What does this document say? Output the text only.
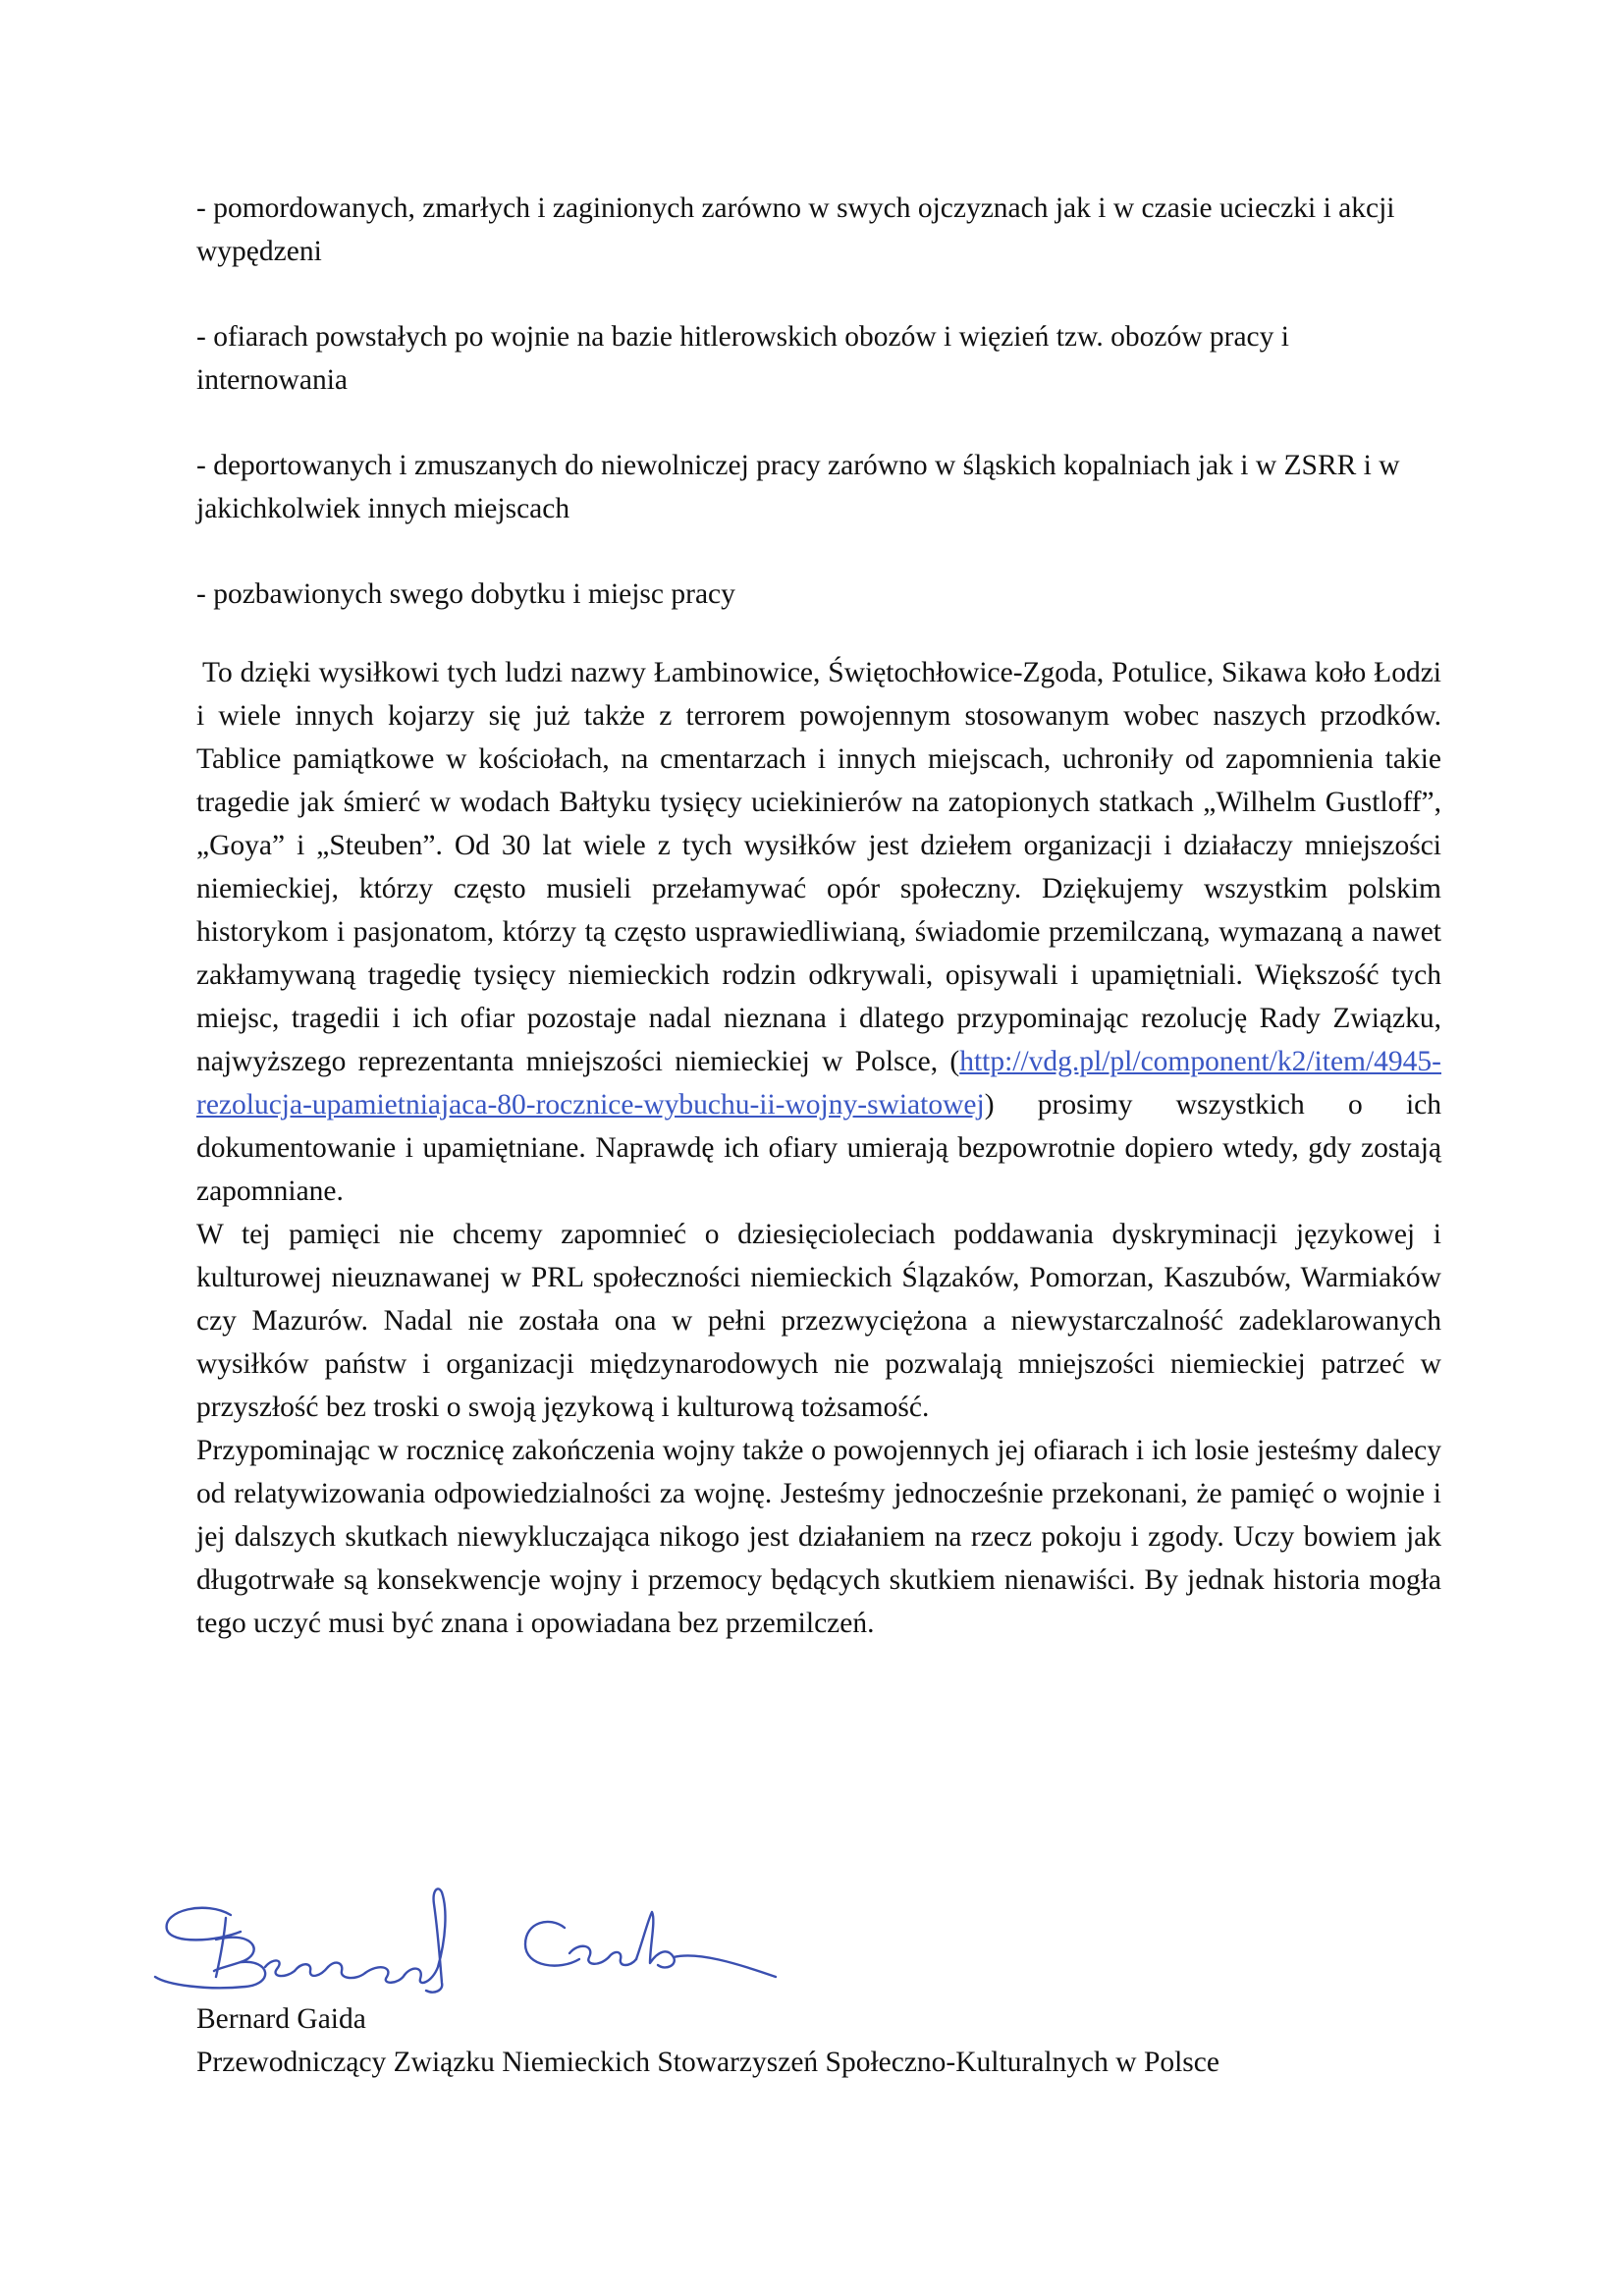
- pomordowanych, zmarłych i zaginionych zarówno w swych ojczyznach jak i w czasie ucieczki i akcji wypędzeni

- ofiarach powstałych po wojnie na bazie hitlerowskich obozów i więzień tzw. obozów pracy i internowania

- deportowanych i zmuszanych do niewolniczej pracy zarówno w śląskich kopalniach jak i w ZSRR i w jakichkolwiek innych miejscach

- pozbawionych swego dobytku i miejsc pracy

To dzięki wysiłkowi tych ludzi nazwy Łambinowice, Świętochłowice-Zgoda, Potulice, Sikawa koło Łodzi i wiele innych kojarzy się już także z terrorem powojennym stosowanym wobec naszych przodków. Tablice pamiątkowe w kościołach, na cmentarzach i innych miejscach, uchroniły od zapomnienia takie tragedie jak śmierć w wodach Bałtyku tysięcy uciekinierów na zatopionych statkach „Wilhelm Gustloff”, „Goya” i „Steuben”. Od 30 lat wiele z tych wysiłków jest dziełem organizacji i działaczy mniejszości niemieckiej, którzy często musieli przełamywać opór społeczny. Dziękujemy wszystkim polskim historykom i pasjonatom, którzy tą często usprawiedliwianą, świadomie przemilczaną, wymazaną a nawet zakłamywaną tragedię tysięcy niemieckich rodzin odkrywali, opisywali i upamiętniali. Większość tych miejsc, tragedii i ich ofiar pozostaje nadal nieznana i dlatego przypominając rezolucję Rady Związku, najwyższego reprezentanta mniejszości niemieckiej w Polsce, (http://vdg.pl/pl/component/k2/item/4945-rezolucja-upamietniajaca-80-rocznice-wybuchu-ii-wojny-swiatowej) prosimy wszystkich o ich dokumentowanie i upamiętniane. Naprawdę ich ofiary umierają bezpowrotnie dopiero wtedy, gdy zostają zapomniane.

W tej pamięci nie chcemy zapomnieć o dziesięcioleciach poddawania dyskryminacji językowej i kulturowej nieuznawanej w PRL społeczności niemieckich Ślązaków, Pomorzan, Kaszubów, Warmiaków czy Mazurów. Nadal nie została ona w pełni przezwyciężona a niewystarczalność zadeklarowanych wysiłków państw i organizacji międzynarodowych nie pozwalają mniejszości niemieckiej patrzeć w przyszłość bez troski o swoją językową i kulturową tożsamość.

Przypominając w rocznicę zakończenia wojny także o powojennych jej ofiarach i ich losie jesteśmy dalecy od relatywizowania odpowiedzialności za wojnę. Jesteśmy jednocześnie przekonani, że pamięć o wojnie i jej dalszych skutkach niewykluczająca nikogo jest działaniem na rzecz pokoju i zgody. Uczy bowiem jak długotrwałe są konsekwencje wojny i przemocy będących skutkiem nienawiści. By jednak historia mogła tego uczyć musi być znana i opowiadana bez przemilczeń.

Bernard Gaida
Przewodniczący Związku Niemieckich Stowarzyszeń Społeczno-Kulturalnych w Polsce
